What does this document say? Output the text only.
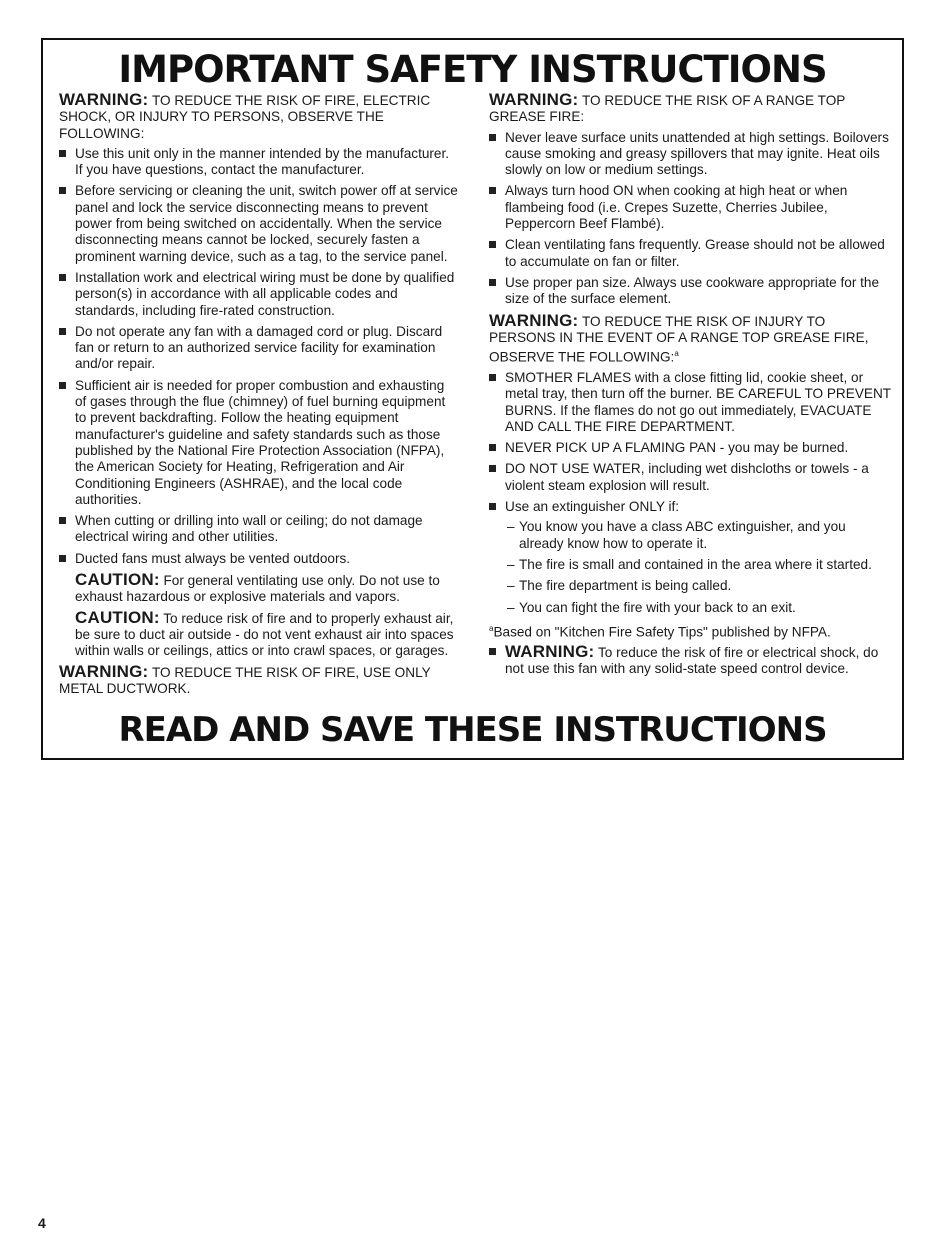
IMPORTANT SAFETY INSTRUCTIONS

WARNING: TO REDUCE THE RISK OF FIRE, ELECTRIC SHOCK, OR INJURY TO PERSONS, OBSERVE THE FOLLOWING:

Use this unit only in the manner intended by the manufacturer. If you have questions, contact the manufacturer.
Before servicing or cleaning the unit, switch power off at service panel and lock the service disconnecting means to prevent power from being switched on accidentally. When the service disconnecting means cannot be locked, securely fasten a prominent warning device, such as a tag, to the service panel.
Installation work and electrical wiring must be done by qualified person(s) in accordance with all applicable codes and standards, including fire-rated construction.
Do not operate any fan with a damaged cord or plug. Discard fan or return to an authorized service facility for examination and/or repair.
Sufficient air is needed for proper combustion and exhausting of gases through the flue (chimney) of fuel burning equipment to prevent backdrafting. Follow the heating equipment manufacturer's guideline and safety standards such as those published by the National Fire Protection Association (NFPA), the American Society for Heating, Refrigeration and Air Conditioning Engineers (ASHRAE), and the local code authorities.
When cutting or drilling into wall or ceiling; do not damage electrical wiring and other utilities.
Ducted fans must always be vented outdoors.

CAUTION: For general ventilating use only. Do not use to exhaust hazardous or explosive materials and vapors.

CAUTION: To reduce risk of fire and to properly exhaust air, be sure to duct air outside - do not vent exhaust air into spaces within walls or ceilings, attics or into crawl spaces, or garages.

WARNING: TO REDUCE THE RISK OF FIRE, USE ONLY METAL DUCTWORK.

WARNING: TO REDUCE THE RISK OF A RANGE TOP GREASE FIRE:

Never leave surface units unattended at high settings. Boilovers cause smoking and greasy spillovers that may ignite. Heat oils slowly on low or medium settings.
Always turn hood ON when cooking at high heat or when flambeing food (i.e. Crepes Suzette, Cherries Jubilee, Peppercorn Beef Flambé).
Clean ventilating fans frequently. Grease should not be allowed to accumulate on fan or filter.
Use proper pan size. Always use cookware appropriate for the size of the surface element.

WARNING: TO REDUCE THE RISK OF INJURY TO PERSONS IN THE EVENT OF A RANGE TOP GREASE FIRE, OBSERVE THE FOLLOWING:$^a$

SMOTHER FLAMES with a close fitting lid, cookie sheet, or metal tray, then turn off the burner. BE CAREFUL TO PREVENT BURNS. If the flames do not go out immediately, EVACUATE AND CALL THE FIRE DEPARTMENT.
NEVER PICK UP A FLAMING PAN - you may be burned.
DO NOT USE WATER, including wet dishcloths or towels - a violent steam explosion will result.
Use an extinguisher ONLY if:
– You know you have a class ABC extinguisher, and you already know how to operate it.
– The fire is small and contained in the area where it started.
– The fire department is being called.
– You can fight the fire with your back to an exit.

$^a$Based on "Kitchen Fire Safety Tips" published by NFPA.

WARNING: To reduce the risk of fire or electrical shock, do not use this fan with any solid-state speed control device.
READ AND SAVE THESE INSTRUCTIONS
4
